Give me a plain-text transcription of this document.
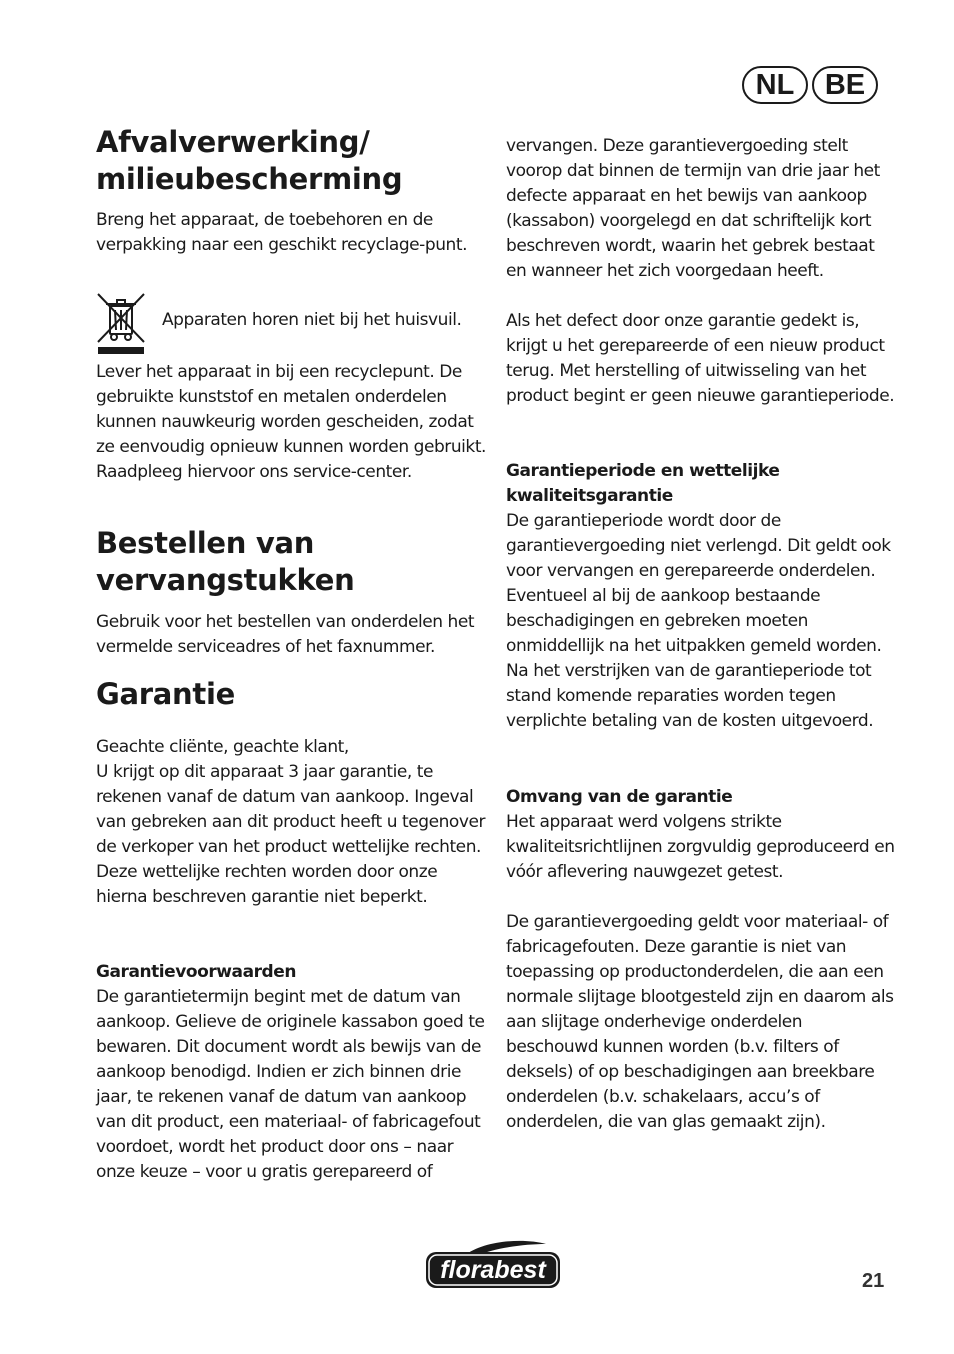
NL	BE
Afvalverwerking/
milieubescherming

Breng het apparaat, de toebehoren en de verpakking naar een geschikt recyclage-punt.

Apparaten horen niet bij het huisvuil.

Lever het apparaat in bij een recyclepunt. De gebruikte kunststof en metalen onderdelen kunnen nauwkeurig worden gescheiden, zodat ze eenvoudig opnieuw kunnen worden gebruikt. Raadpleeg hiervoor ons service-center.

Bestellen van
vervangstukken

Gebruik voor het bestellen van onderdelen het vermelde serviceadres of het faxnummer.

Garantie

Geachte cliënte, geachte klant,

U krijgt op dit apparaat 3 jaar garantie, te rekenen vanaf de datum van aankoop. Ingeval van gebreken aan dit product heeft u tegenover de verkoper van het product wettelijke rechten. Deze wettelijke rechten worden door onze hierna beschreven garantie niet beperkt.

Garantievoorwaarden

De garantietermijn begint met de datum van aankoop. Gelieve de originele kassabon goed te bewaren. Dit document wordt als bewijs van de aankoop benodigd. Indien er zich binnen drie jaar, te rekenen vanaf de datum van aankoop van dit product, een materiaal- of fabricagefout voordoet, wordt het product door ons – naar onze keuze – voor u gratis gerepareerd of

vervangen. Deze garantievergoeding stelt voorop dat binnen de termijn van drie jaar het defecte apparaat en het bewijs van aankoop (kassabon) voorgelegd en dat schriftelijk kort beschreven wordt, waarin het gebrek bestaat en wanneer het zich voorgedaan heeft.

Als het defect door onze garantie gedekt is, krijgt u het gerepareerde of een nieuw product terug. Met herstelling of uitwisseling van het product begint er geen nieuwe garantieperiode.

Garantieperiode en wettelijke
kwaliteitsgarantie

De garantieperiode wordt door de garantievergoeding niet verlengd. Dit geldt ook voor vervangen en gerepareerde onderdelen. Eventueel al bij de aankoop bestaande beschadigingen en gebreken moeten onmiddellijk na het uitpakken gemeld worden. Na het verstrijken van de garantieperiode tot stand komende reparaties worden tegen verplichte betaling van de kosten uitgevoerd.

Omvang van de garantie

Het apparaat werd volgens strikte kwaliteitsrichtlijnen zorgvuldig geproduceerd en vóór aflevering nauwgezet getest.

De garantievergoeding geldt voor materiaal- of fabricagefouten. Deze garantie is niet van toepassing op productonderdelen, die aan een normale slijtage blootgesteld zijn en daarom als aan slijtage onderhevige onderdelen beschouwd kunnen worden (b.v. filters of deksels) of op beschadigingen aan breekbare onderdelen (b.v. schakelaars, accu’s of onderdelen, die van glas gemaakt zijn).

florabest	21
